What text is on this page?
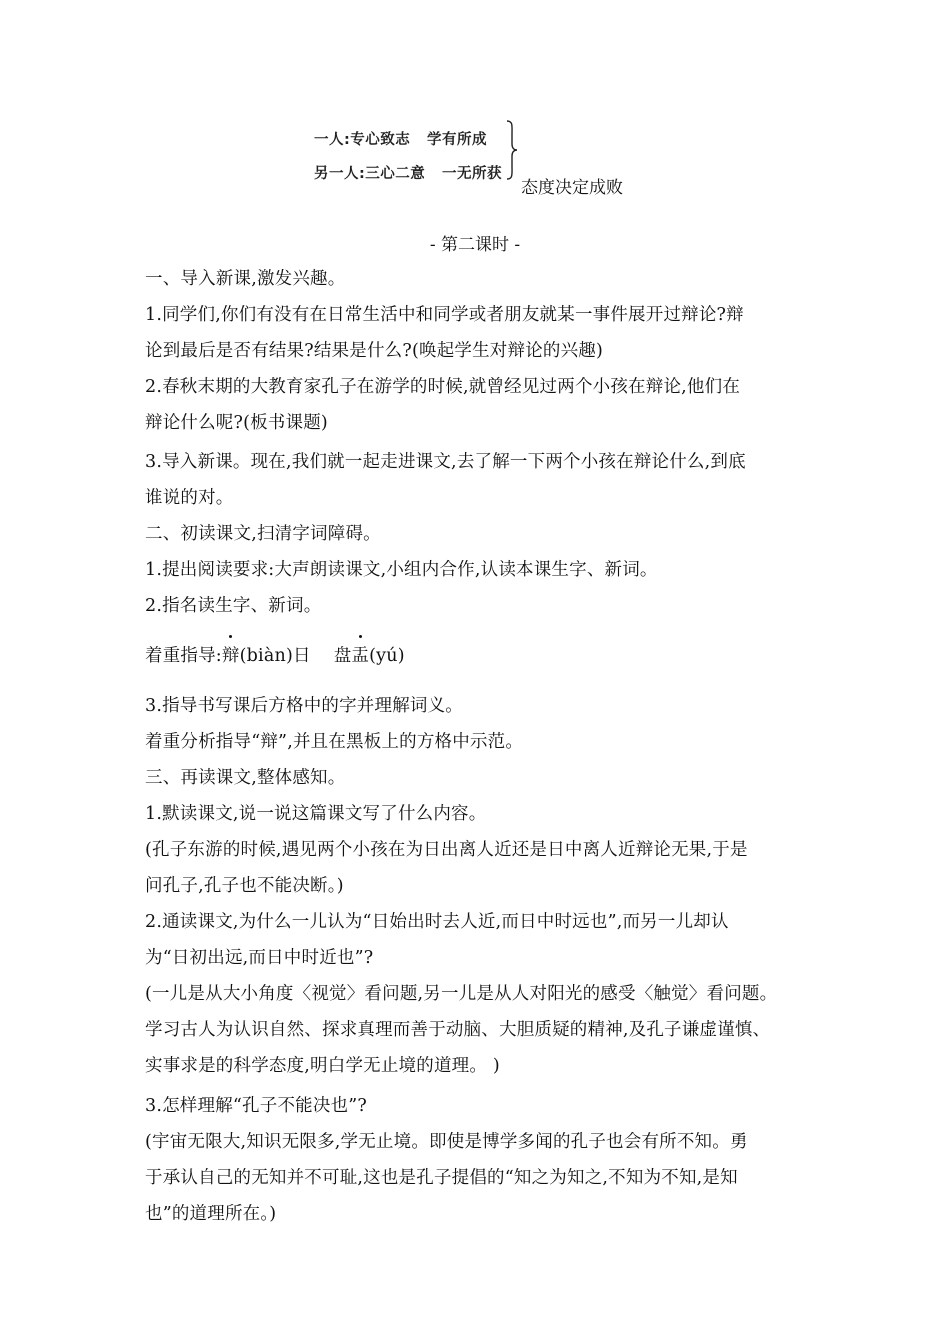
一人:专心致志   学有所成
另一人:三心二意   一无所获
态度决定成败
- 第二课时 -
一、导入新课,激发兴趣。
1.同学们,你们有没有在日常生活中和同学或者朋友就某一事件展开过辩论?辩
论到最后是否有结果?结果是什么?(唤起学生对辩论的兴趣)
2.春秋末期的大教育家孔子在游学的时候,就曾经见过两个小孩在辩论,他们在
辩论什么呢?(板书课题)
3.导入新课。现在,我们就一起走进课文,去了解一下两个小孩在辩论什么,到底
谁说的对。
二、初读课文,扫清字词障碍。
1.提出阅读要求:大声朗读课文,小组内合作,认读本课生字、新词。
2.指名读生字、新词。
着重指导:辩(biàn)日    盘盂(yú)
3.指导书写课后方格中的字并理解词义。
着重分析指导“辩”,并且在黑板上的方格中示范。
三、再读课文,整体感知。
1.默读课文,说一说这篇课文写了什么内容。
(孔子东游的时候,遇见两个小孩在为日出离人近还是日中离人近辩论无果,于是
问孔子,孔子也不能决断。)
2.通读课文,为什么一儿认为“日始出时去人近,而日中时远也”,而另一儿却认
为“日初出远,而日中时近也”?
(一儿是从大小角度〈视觉〉看问题,另一儿是从人对阳光的感受〈触觉〉看问题。
学习古人为认识自然、探求真理而善于动脑、大胆质疑的精神,及孔子谦虚谨慎、
实事求是的科学态度,明白学无止境的道理。 )
3.怎样理解“孔子不能决也”?
(宇宙无限大,知识无限多,学无止境。即使是博学多闻的孔子也会有所不知。勇
于承认自己的无知并不可耻,这也是孔子提倡的“知之为知之,不知为不知,是知
也”的道理所在。)
